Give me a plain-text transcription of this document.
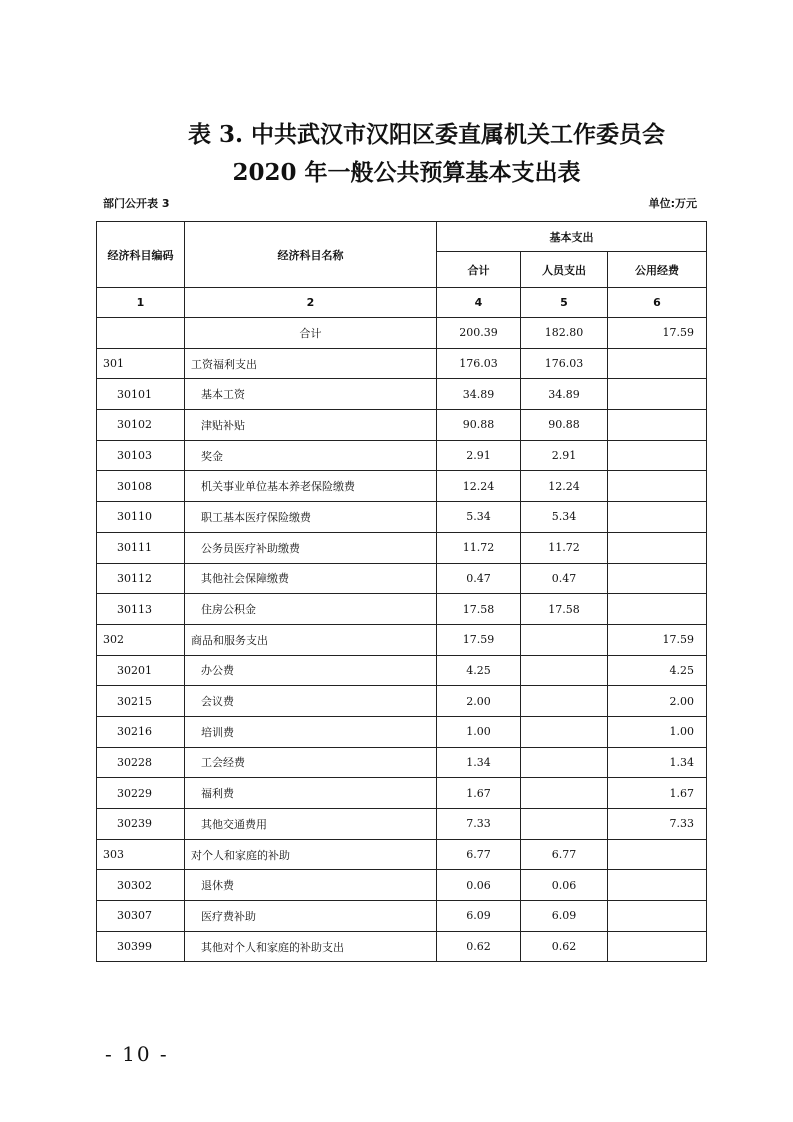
表 3. 中共武汉市汉阳区委直属机关工作委员会
2020 年一般公共预算基本支出表
部门公开表 3	单位:万元
经济科目编码	经济科目名称	基本支出		
		合计	人员支出	公用经费
1	2	4	5	6
	合计	200.39	182.80	17.59
301	工资福利支出	176.03	176.03	
30101	基本工资	34.89	34.89	
30102	津贴补贴	90.88	90.88	
30103	奖金	2.91	2.91	
30108	机关事业单位基本养老保险缴费	12.24	12.24	
30110	职工基本医疗保险缴费	5.34	5.34	
30111	公务员医疗补助缴费	11.72	11.72	
30112	其他社会保障缴费	0.47	0.47	
30113	住房公积金	17.58	17.58	
302	商品和服务支出	17.59		17.59
30201	办公费	4.25		4.25
30215	会议费	2.00		2.00
30216	培训费	1.00		1.00
30228	工会经费	1.34		1.34
30229	福利费	1.67		1.67
30239	其他交通费用	7.33		7.33
303	对个人和家庭的补助	6.77	6.77	
30302	退休费	0.06	0.06	
30307	医疗费补助	6.09	6.09	
30399	其他对个人和家庭的补助支出	0.62	0.62	
- 10 -
